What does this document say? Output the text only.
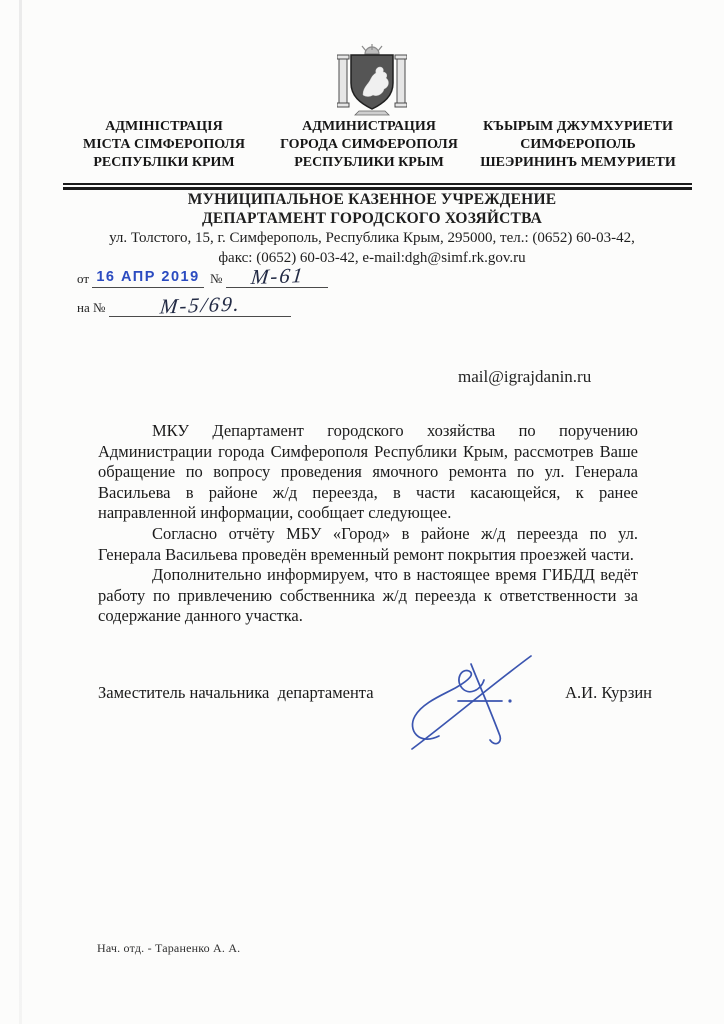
АДМІНІСТРАЦІЯ
МІСТА СІМФЕРОПОЛЯ
РЕСПУБЛІКИ КРИМ
АДМИНИСТРАЦИЯ
ГОРОДА СИМФЕРОПОЛЯ
РЕСПУБЛИКИ КРЫМ
КЪЫРЫМ ДЖУМХУРИЕТИ
СИМФЕРОПОЛЬ
ШЕЭРИНИНЪ МЕМУРИЕТИ
МУНИЦИПАЛЬНОЕ КАЗЕННОЕ УЧРЕЖДЕНИЕ
ДЕПАРТАМЕНТ ГОРОДСКОГО ХОЗЯЙСТВА
ул. Толстого, 15, г. Симферополь, Республика Крым, 295000, тел.: (0652) 60-03-42,
факс: (0652) 60-03-42, e-mail:dgh@simf.rk.gov.ru
от 16 АПР 2019 №	М-61
на №	М-5/69.
mail@igrajdanin.ru

МКУ Департамент городского хозяйства по поручению Администрации города Симферополя Республики Крым, рассмотрев Ваше обращение по вопросу проведения ямочного ремонта по ул. Генерала Васильева в районе ж/д переезда, в части касающейся, к ранее направленной информации, сообщает следующее.

Согласно отчёту МБУ «Город» в районе ж/д переезда по ул. Генерала Васильева проведён временный ремонт покрытия проезжей части.

Дополнительно информируем, что в настоящее время ГИБДД ведёт работу по привлечению собственника ж/д переезда к ответственности за содержание данного участка.

Заместитель начальника  департамента	А.И. Курзин
Нач. отд. - Тараненко А. А.
